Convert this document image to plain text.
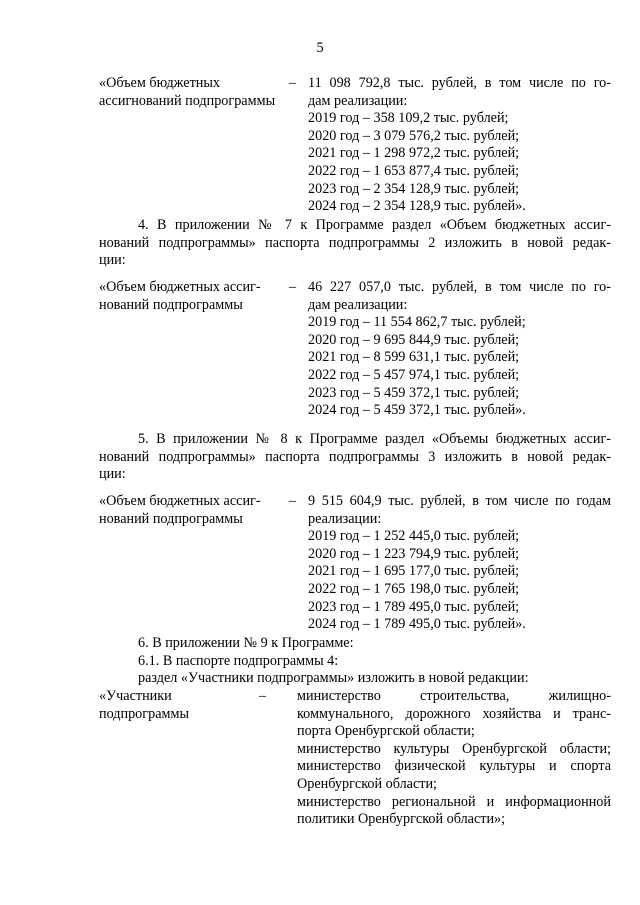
5
«Объем бюджетных	– 11 098 792,8 тыс. рублей, в том числе по го-
ассигнований подпрограммы	дам реализации:
2019 год – 358 109,2 тыс. рублей;
2020 год – 3 079 576,2 тыс. рублей;
2021 год – 1 298 972,2 тыс. рублей;
2022 год – 1 653 877,4 тыс. рублей;
2023 год – 2 354 128,9 тыс. рублей;
2024 год – 2 354 128,9 тыс. рублей».
4. В приложении № 7 к Программе раздел «Объем бюджетных ассиг-
нований подпрограммы» паспорта подпрограммы 2 изложить в новой редак-
ции:
«Объем бюджетных ассиг-	– 46 227 057,0 тыс. рублей, в том числе по го-
нований подпрограммы	дам реализации:
2019 год – 11 554 862,7 тыс. рублей;
2020 год – 9 695 844,9 тыс. рублей;
2021 год – 8 599 631,1 тыс. рублей;
2022 год – 5 457 974,1 тыс. рублей;
2023 год – 5 459 372,1 тыс. рублей;
2024 год – 5 459 372,1 тыс. рублей».
5. В приложении № 8 к Программе раздел «Объемы бюджетных ассиг-
нований подпрограммы» паспорта подпрограммы 3 изложить в новой редак-
ции:
«Объем бюджетных ассиг-	– 9 515 604,9 тыс. рублей, в том числе по годам
нований подпрограммы	реализации:
2019 год – 1 252 445,0 тыс. рублей;
2020 год – 1 223 794,9 тыс. рублей;
2021 год – 1 695 177,0 тыс. рублей;
2022 год – 1 765 198,0 тыс. рублей;
2023 год – 1 789 495,0 тыс. рублей;
2024 год – 1 789 495,0 тыс. рублей».
6. В приложении № 9 к Программе:
6.1. В паспорте подпрограммы 4:
раздел «Участники подпрограммы» изложить в новой редакции:
«Участники
подпрограммы
–	министерство строительства, жилищно-
коммунального, дорожного хозяйства и транс-
порта Оренбургской области;
министерство культуры Оренбургской области;
министерство физической культуры и спорта
Оренбургской области;
министерство региональной и информационной
политики Оренбургской области»;
